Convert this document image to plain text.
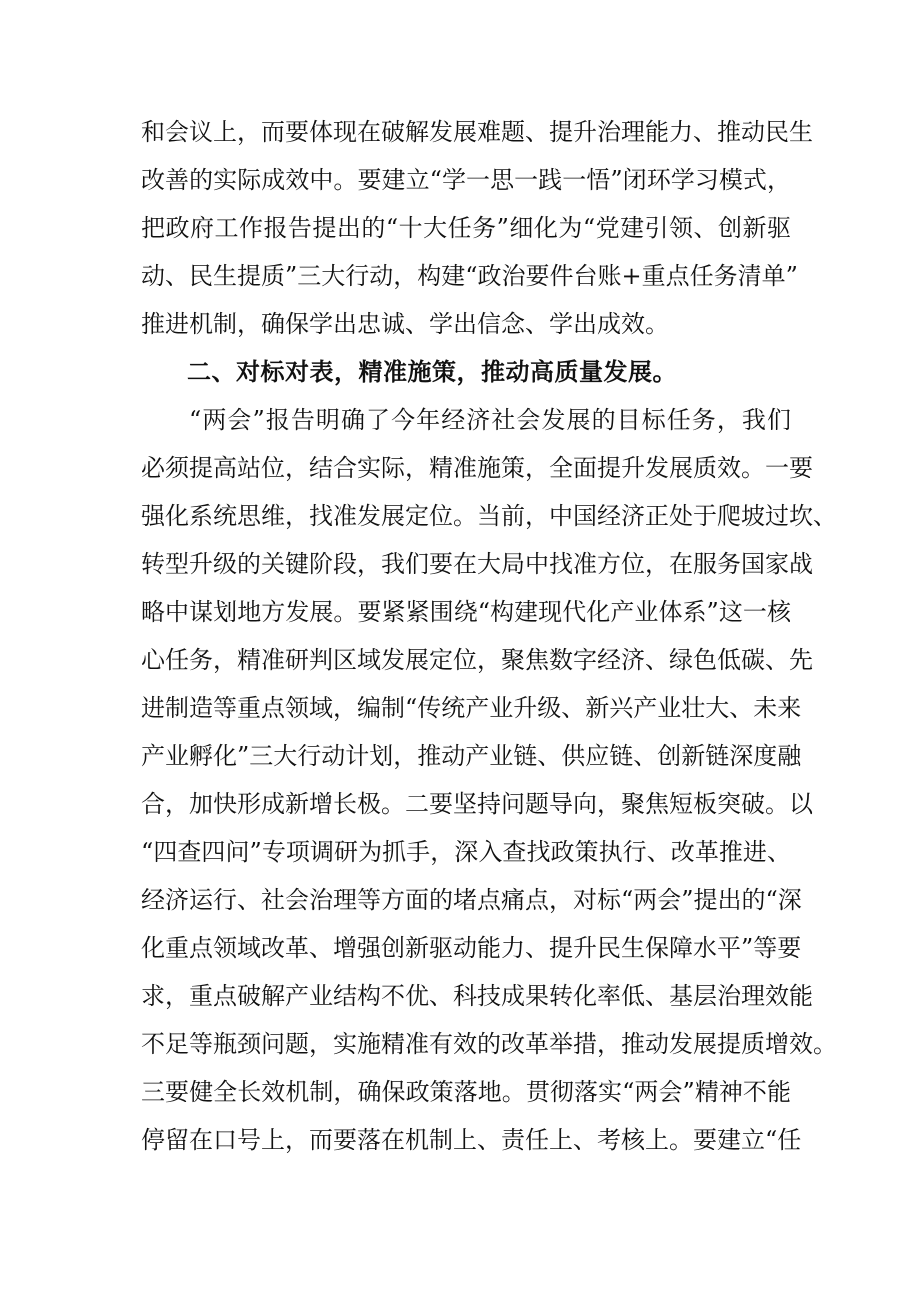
和会议上，而要体现在破解发展难题、提升治理能力、推动民生
改善的实际成效中。要建立“学一思一践一悟”闭环学习模式，
把政府工作报告提出的“十大任务”细化为“党建引领、创新驱
动、民生提质”三大行动，构建“政治要件台账+重点任务清单”
推进机制，确保学出忠诚、学出信念、学出成效。
二、对标对表，精准施策，推动高质量发展。
“两会”报告明确了今年经济社会发展的目标任务，我们
必须提高站位，结合实际，精准施策，全面提升发展质效。一要
强化系统思维，找准发展定位。当前，中国经济正处于爬坡过坎、
转型升级的关键阶段，我们要在大局中找准方位，在服务国家战
略中谋划地方发展。要紧紧围绕“构建现代化产业体系”这一核
心任务，精准研判区域发展定位，聚焦数字经济、绿色低碳、先
进制造等重点领域，编制“传统产业升级、新兴产业壮大、未来
产业孵化”三大行动计划，推动产业链、供应链、创新链深度融
合，加快形成新增长极。二要坚持问题导向，聚焦短板突破。以
“四查四问”专项调研为抓手，深入查找政策执行、改革推进、
经济运行、社会治理等方面的堵点痛点，对标“两会”提出的“深
化重点领域改革、增强创新驱动能力、提升民生保障水平”等要
求，重点破解产业结构不优、科技成果转化率低、基层治理效能
不足等瓶颈问题，实施精准有效的改革举措，推动发展提质增效。
三要健全长效机制，确保政策落地。贯彻落实“两会”精神不能
停留在口号上，而要落在机制上、责任上、考核上。要建立“任
